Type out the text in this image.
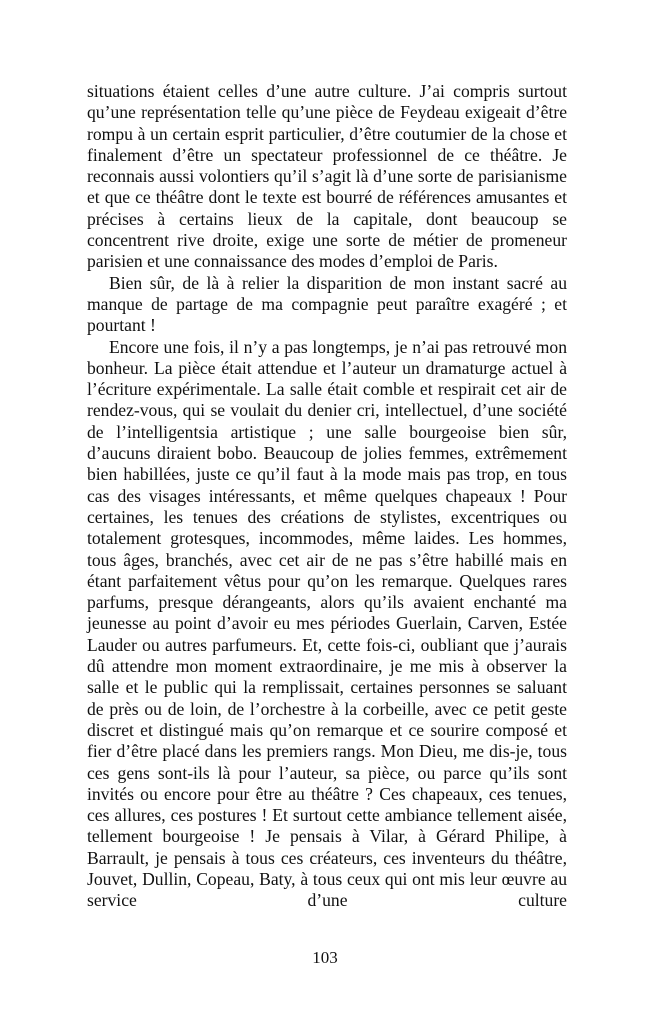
situations étaient celles d’une autre culture. J’ai compris surtout qu’une représentation telle qu’une pièce de Feydeau exigeait d’être rompu à un certain esprit particulier, d’être coutumier de la chose et finalement d’être un spectateur professionnel de ce théâtre. Je reconnais aussi volontiers qu’il s’agit là d’une sorte de parisianisme et que ce théâtre dont le texte est bourré de références amusantes et précises à certains lieux de la capitale, dont beaucoup se concentrent rive droite, exige une sorte de métier de promeneur parisien et une connaissance des modes d’emploi de Paris.

Bien sûr, de là à relier la disparition de mon instant sacré au manque de partage de ma compagnie peut paraître exagéré ; et pourtant !

Encore une fois, il n’y a pas longtemps, je n’ai pas retrouvé mon bonheur. La pièce était attendue et l’auteur un dramaturge actuel à l’écriture expérimentale. La salle était comble et respirait cet air de rendez-vous, qui se voulait du denier cri, intellectuel, d’une société de l’intelligentsia artistique ; une salle bourgeoise bien sûr, d’aucuns diraient bobo. Beaucoup de jolies femmes, extrêmement bien habillées, juste ce qu’il faut à la mode mais pas trop, en tous cas des visages intéressants, et même quelques chapeaux ! Pour certaines, les tenues des créations de stylistes, excentriques ou totalement grotesques, incommodes, même laides. Les hommes, tous âges, branchés, avec cet air de ne pas s’être habillé mais en étant parfaitement vêtus pour qu’on les remarque. Quelques rares parfums, presque dérangeants, alors qu’ils avaient enchanté ma jeunesse au point d’avoir eu mes périodes Guerlain, Carven, Estée Lauder ou autres parfumeurs. Et, cette fois-ci, oubliant que j’aurais dû attendre mon moment extraordinaire, je me mis à observer la salle et le public qui la remplissait, certaines personnes se saluant de près ou de loin, de l’orchestre à la corbeille, avec ce petit geste discret et distingué mais qu’on remarque et ce sourire composé et fier d’être placé dans les premiers rangs. Mon Dieu, me dis-je, tous ces gens sont-ils là pour l’auteur, sa pièce, ou parce qu’ils sont invités ou encore pour être au théâtre ? Ces chapeaux, ces tenues, ces allures, ces postures ! Et surtout cette ambiance tellement aisée, tellement bourgeoise ! Je pensais à Vilar, à Gérard Philipe, à Barrault, je pensais à tous ces créateurs, ces inventeurs du théâtre, Jouvet, Dullin, Copeau, Baty, à tous ceux qui ont mis leur œuvre au service d’une culture

103
